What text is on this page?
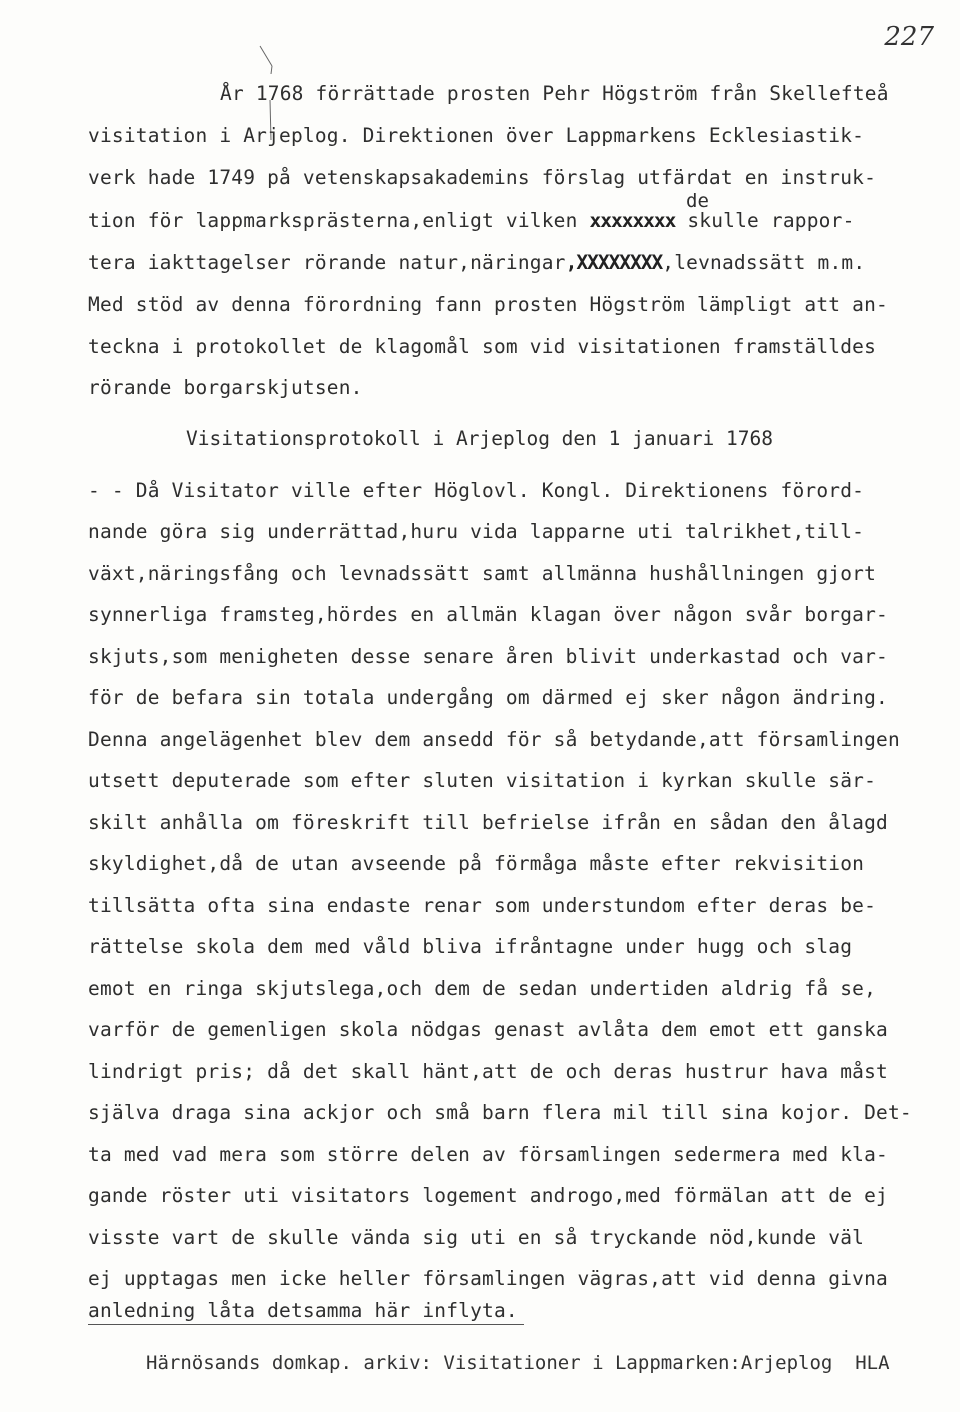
227
År 1768 förrättade prosten Pehr Högström från Skellefteå
visitation i Arjeplog. Direktionen över Lappmarkens Ecklesiastik-
verk hade 1749 på vetenskapsakademins förslag utfärdat en instruk-
de
tion för lappmarksprästerna,enligt vilken xxxxxxxx skulle rappor-
tera iakttagelser rörande natur,näringar,XXXXXXXX,levnadssätt m.m.
Med stöd av denna förordning fann prosten Högström lämpligt att an-
teckna i protokollet de klagomål som vid visitationen framställdes
rörande borgarskjutsen.
Visitationsprotokoll i Arjeplog den 1 januari 1768
- - Då Visitator ville efter Höglovl. Kongl. Direktionens förord-
nande göra sig underrättad,huru vida lapparne uti talrikhet,till-
växt,näringsfång och levnadssätt samt allmänna hushållningen gjort
synnerliga framsteg,hördes en allmän klagan över någon svår borgar-
skjuts,som menigheten desse senare åren blivit underkastad och var-
för de befara sin totala undergång om därmed ej sker någon ändring.
Denna angelägenhet blev dem ansedd för så betydande,att församlingen
utsett deputerade som efter sluten visitation i kyrkan skulle sär-
skilt anhålla om föreskrift till befrielse ifrån en sådan den ålagd
skyldighet,då de utan avseende på förmåga måste efter rekvisition
tillsätta ofta sina endaste renar som understundom efter deras be-
rättelse skola dem med våld bliva ifråntagne under hugg och slag
emot en ringa skjutslega,och dem de sedan undertiden aldrig få se,
varför de gemenligen skola nödgas genast avlåta dem emot ett ganska
lindrigt pris; då det skall hänt,att de och deras hustrur hava måst
själva draga sina ackjor och små barn flera mil till sina kojor. Det-
ta med vad mera som större delen av församlingen sedermera med kla-
gande röster uti visitators logement androgo,med förmälan att de ej
visste vart de skulle vända sig uti en så tryckande nöd,kunde väl
ej upptagas men icke heller församlingen vägras,att vid denna givna
anledning låta detsamma här inflyta.
Härnösands domkap. arkiv: Visitationer i Lappmarken:Arjeplog  HLA
